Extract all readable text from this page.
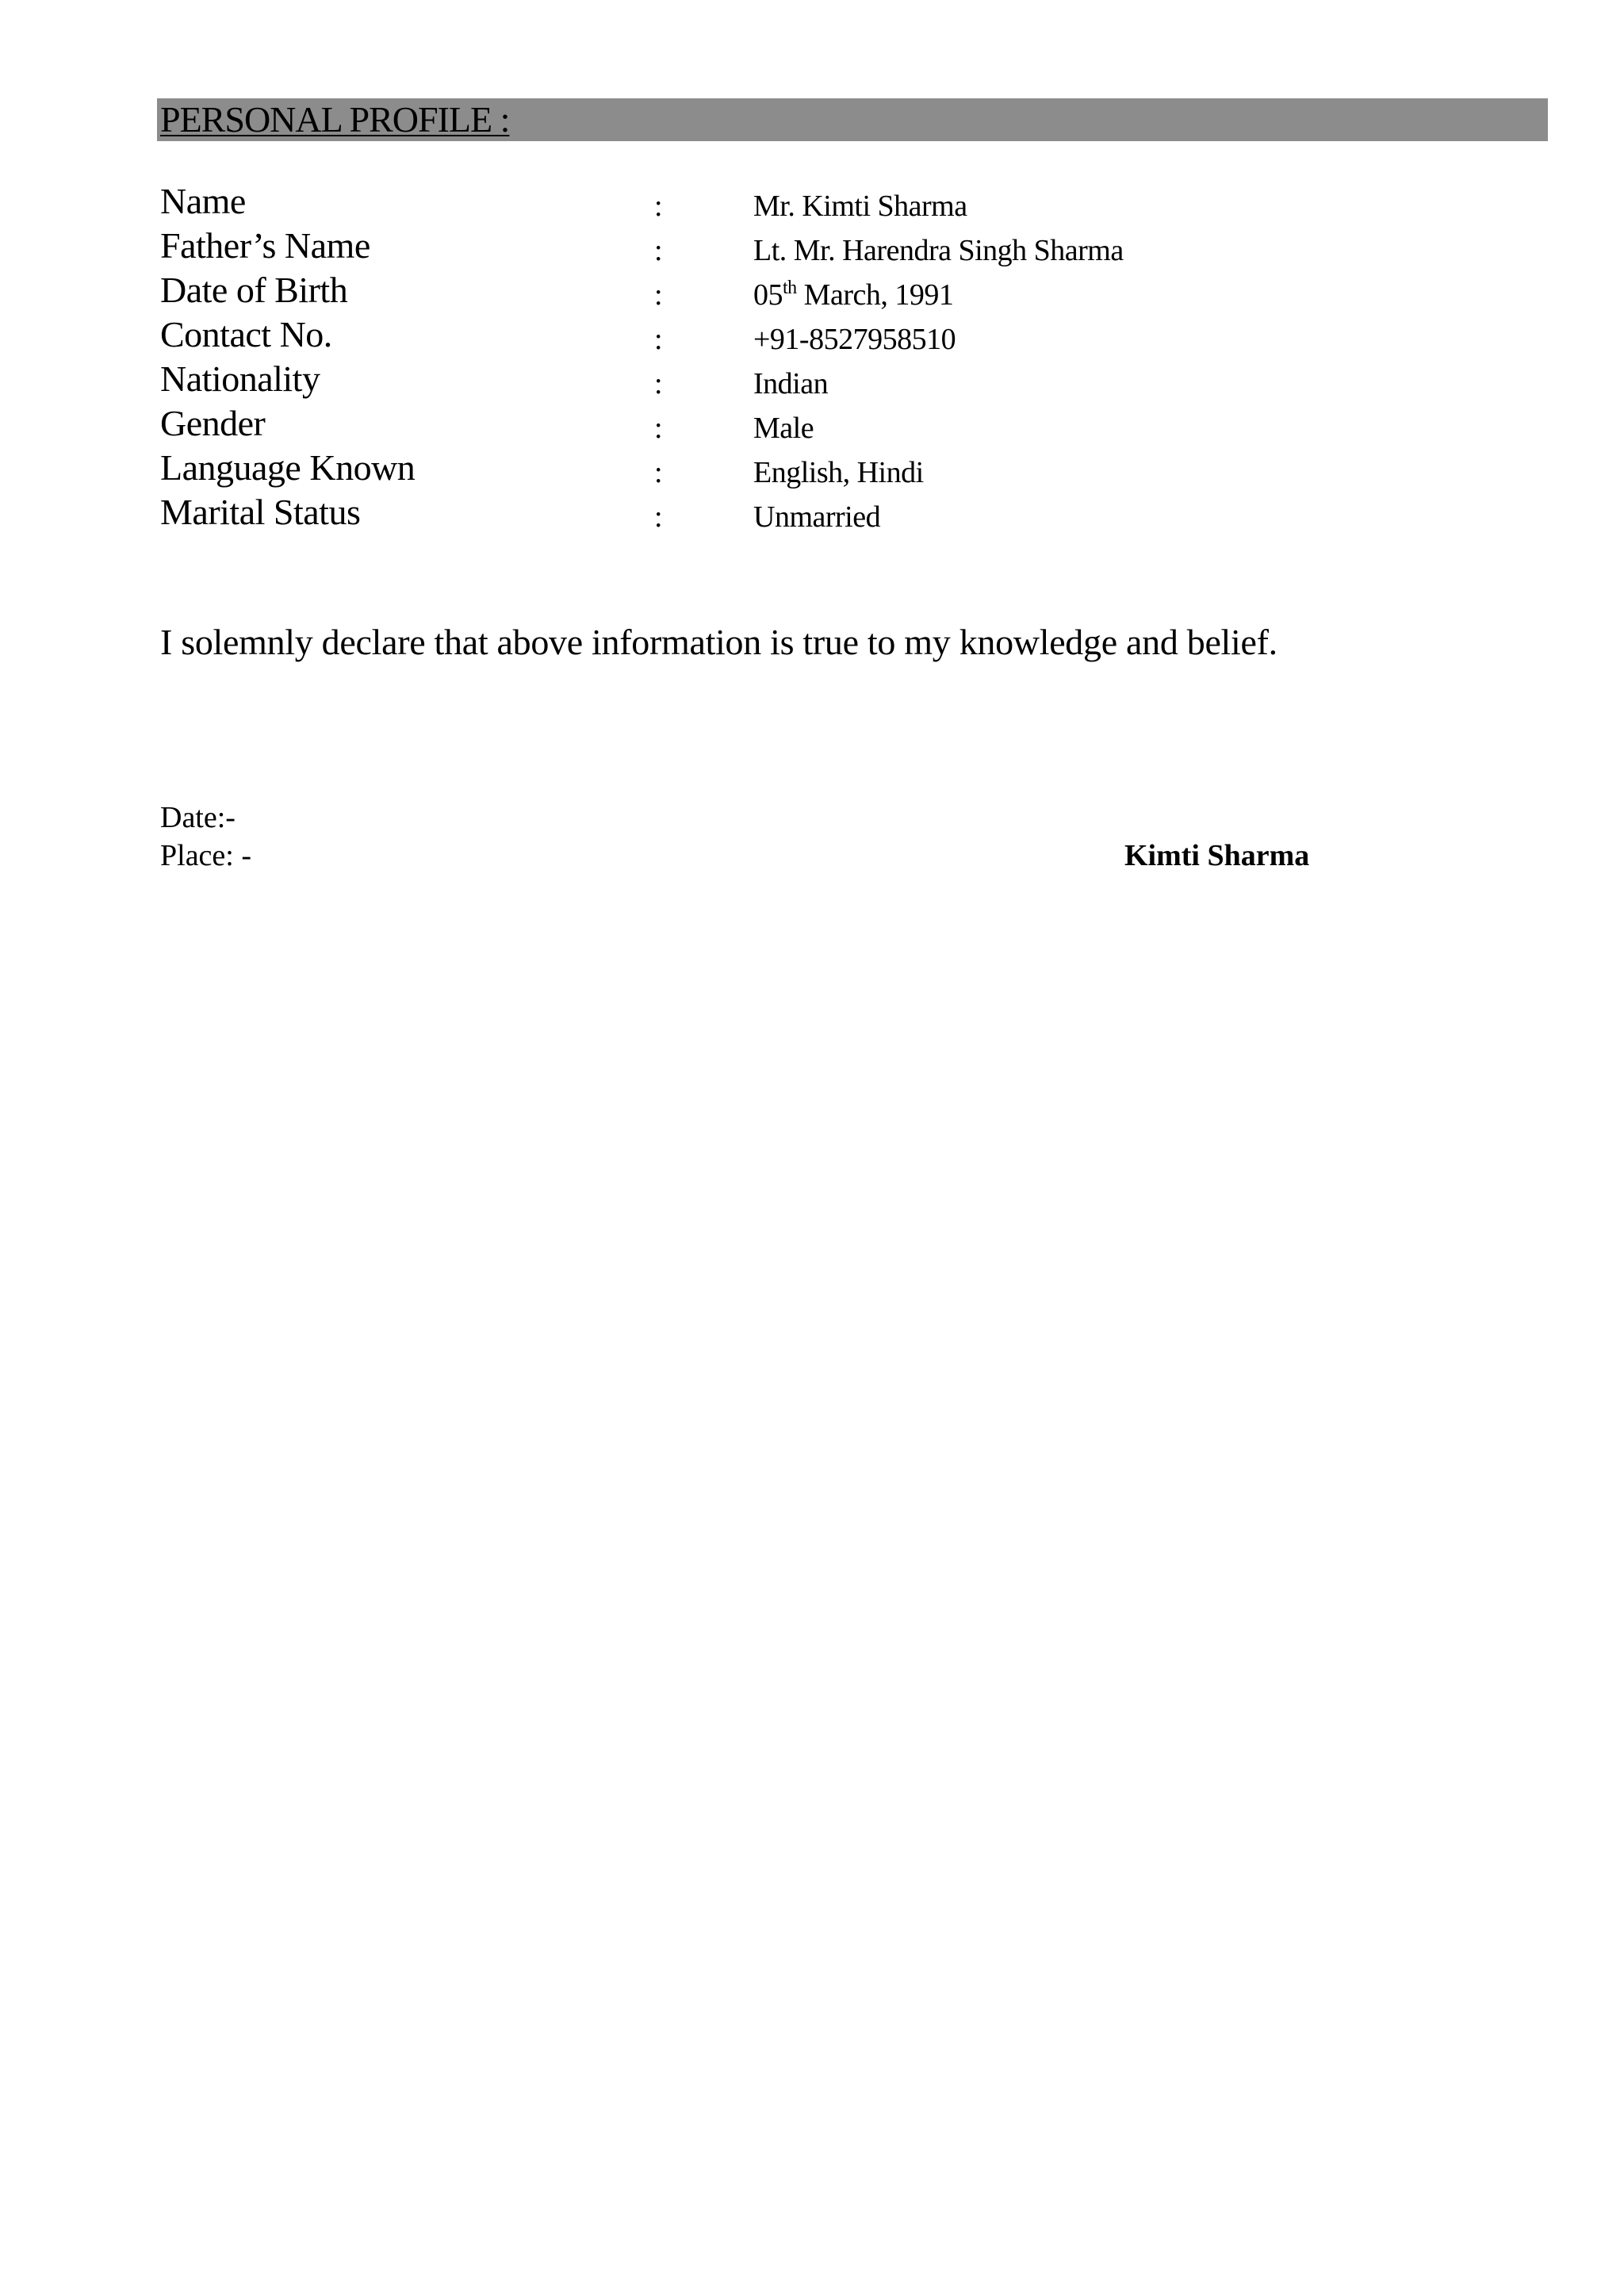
PERSONAL PROFILE :
Name	:	Mr. Kimti Sharma
Father’s Name	:	Lt. Mr. Harendra Singh Sharma
Date of Birth	:	05th March, 1991
Contact No.	:	+91-8527958510
Nationality	:	Indian
Gender	:	Male
Language Known	:	English, Hindi
Marital Status	:	Unmarried
I solemnly declare that above information is true to my knowledge and belief.
Date:-
Place: -	Kimti Sharma
